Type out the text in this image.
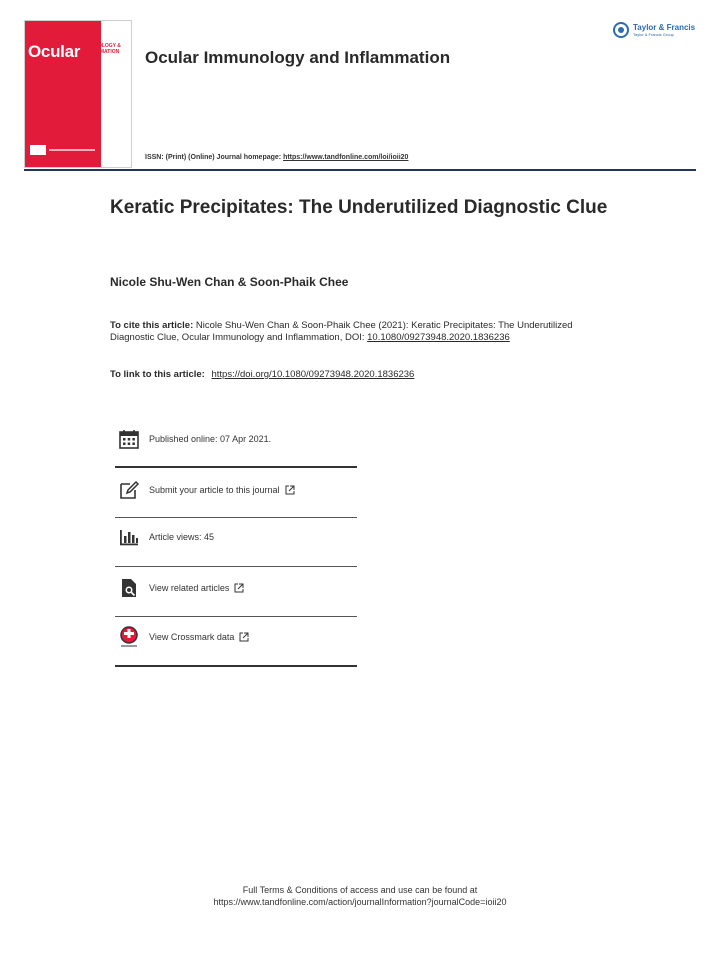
Ocular IMMUNOLOGY & INFLAMMATION	Ocular Immunology and Inflammation
ISSN: (Print) (Online) Journal homepage: https://www.tandfonline.com/loi/ioii20
Taylor & Francis
Taylor & Francis Group
Keratic Precipitates: The Underutilized Diagnostic Clue
Nicole Shu-Wen Chan & Soon-Phaik Chee
To cite this article: Nicole Shu-Wen Chan & Soon-Phaik Chee (2021): Keratic Precipitates: The Underutilized Diagnostic Clue, Ocular Immunology and Inflammation, DOI: 10.1080/09273948.2020.1836236
To link to this article: https://doi.org/10.1080/09273948.2020.1836236
Published online: 07 Apr 2021.
Submit your article to this journal
Article views: 45
View related articles
View Crossmark data
Full Terms & Conditions of access and use can be found at
https://www.tandfonline.com/action/journalInformation?journalCode=ioii20
